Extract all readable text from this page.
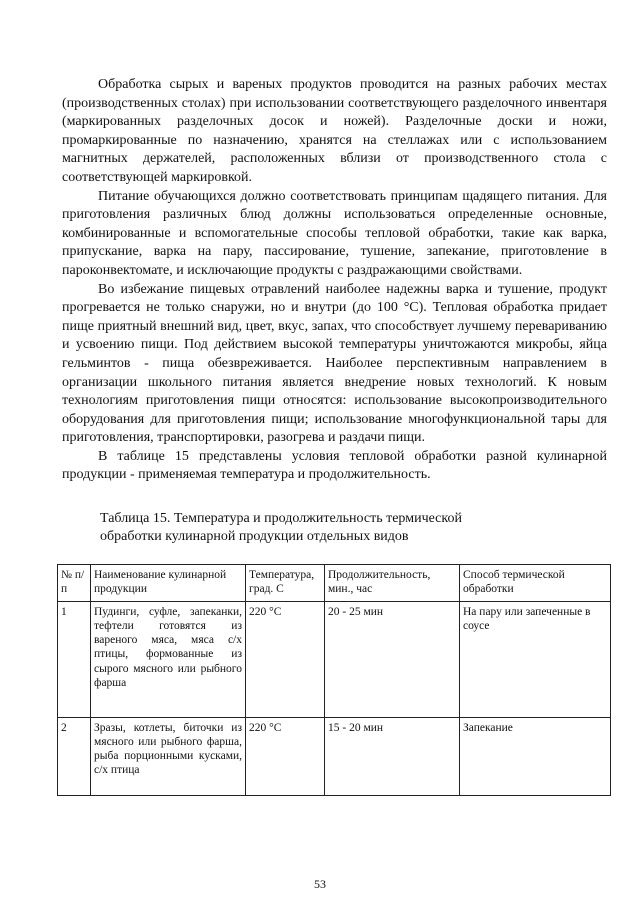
Обработка сырых и вареных продуктов проводится на разных рабочих местах (производственных столах) при использовании соответствующего разделочного инвентаря (маркированных разделочных досок и ножей). Разделочные доски и ножи, промаркированные по назначению, хранятся на стеллажах или с использованием магнитных держателей, расположенных вблизи от производственного стола с соответствующей маркировкой.

Питание обучающихся должно соответствовать принципам щадящего питания. Для приготовления различных блюд должны использоваться определенные основные, комбинированные и вспомогательные способы тепловой обработки, такие как варка, припускание, варка на пару, пассирование, тушение, запекание, приготовление в пароконвектомате, и исключающие продукты с раздражающими свойствами.

Во избежание пищевых отравлений наиболее надежны варка и тушение, продукт прогревается не только снаружи, но и внутри (до 100 °С). Тепловая обработка придает пище приятный внешний вид, цвет, вкус, запах, что способствует лучшему перевариванию и усвоению пищи. Под действием высокой температуры уничтожаются микробы, яйца гельминтов - пища обезвреживается. Наиболее перспективным направлением в организации школьного питания является внедрение новых технологий. К новым технологиям приготовления пищи относятся: использование высокопроизводительного оборудования для приготовления пищи; использование многофункциональной тары для приготовления, транспортировки, разогрева и раздачи пищи.

В таблице 15 представлены условия тепловой обработки разной кулинарной продукции - применяемая температура и продолжительность.

Таблица 15. Температура и продолжительность термической
обработки кулинарной продукции отдельных видов
№ п/п	Наименование кулинарной продукции	Температура, град. С	Продолжительность, мин., час	Способ термической обработки
1	Пудинги, суфле, запеканки, тефтели готовятся из вареного мяса, мяса с/х птицы, формованные из сырого мясного или рыбного фарша	220 °С	20 - 25 мин	На пару или запеченные в соусе
2	Зразы, котлеты, биточки из мясного или рыбного фарша, рыба порционными кусками, с/х птица	220 °С	15 - 20 мин	Запекание
53
